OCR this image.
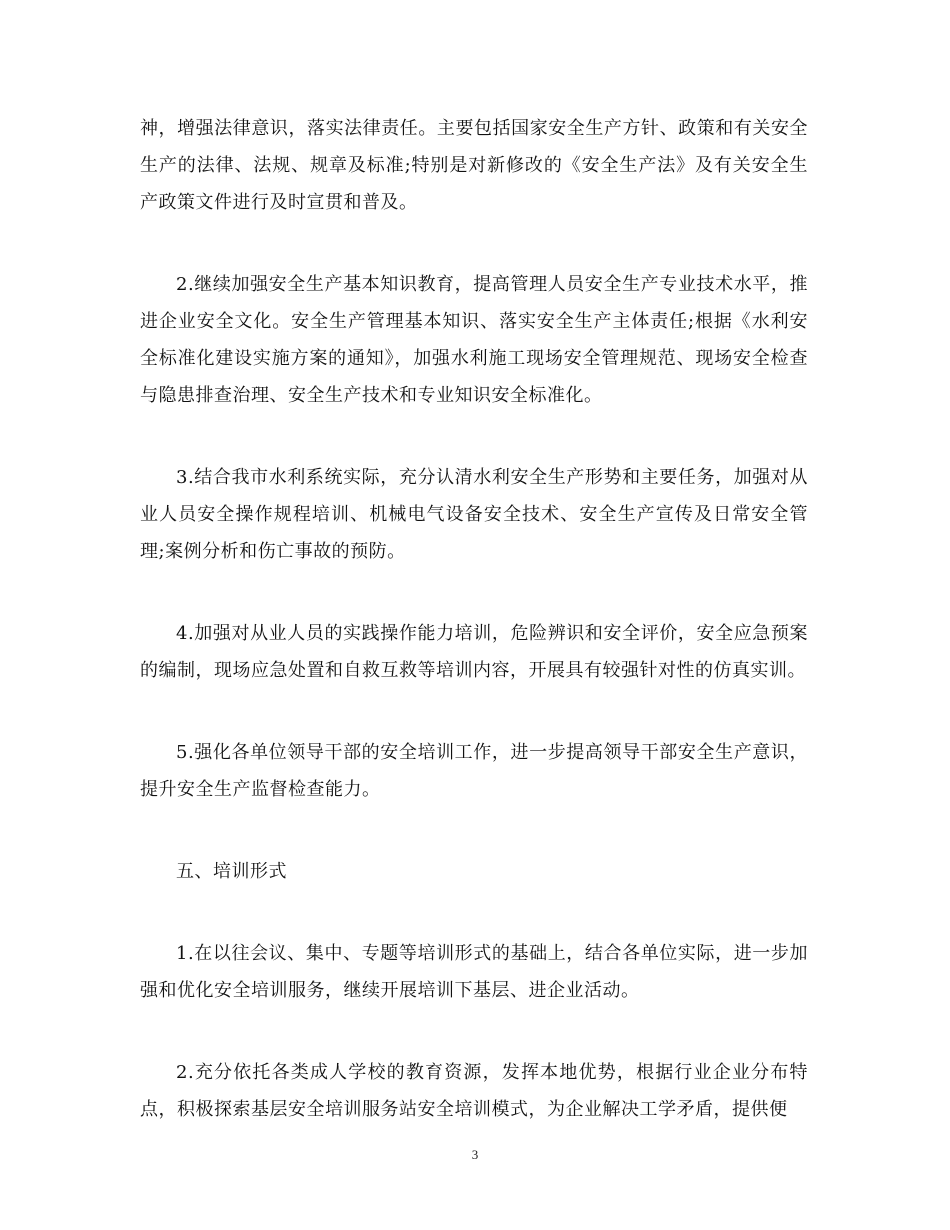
神，增强法律意识，落实法律责任。主要包括国家安全生产方针、政策和有关安全生产的法律、法规、规章及标准;特别是对新修改的《安全生产法》及有关安全生产政策文件进行及时宣贯和普及。

2.继续加强安全生产基本知识教育，提高管理人员安全生产专业技术水平，推进企业安全文化。安全生产管理基本知识、落实安全生产主体责任;根据《水利安全标准化建设实施方案的通知》，加强水利施工现场安全管理规范、现场安全检查与隐患排查治理、安全生产技术和专业知识安全标准化。

3.结合我市水利系统实际，充分认清水利安全生产形势和主要任务，加强对从业人员安全操作规程培训、机械电气设备安全技术、安全生产宣传及日常安全管理;案例分析和伤亡事故的预防。

4.加强对从业人员的实践操作能力培训，危险辨识和安全评价，安全应急预案的编制，现场应急处置和自救互救等培训内容，开展具有较强针对性的仿真实训。

5.强化各单位领导干部的安全培训工作，进一步提高领导干部安全生产意识，提升安全生产监督检查能力。

五、培训形式

1.在以往会议、集中、专题等培训形式的基础上，结合各单位实际，进一步加强和优化安全培训服务，继续开展培训下基层、进企业活动。

2.充分依托各类成人学校的教育资源，发挥本地优势，根据行业企业分布特点，积极探索基层安全培训服务站安全培训模式，为企业解决工学矛盾，提供便

3
